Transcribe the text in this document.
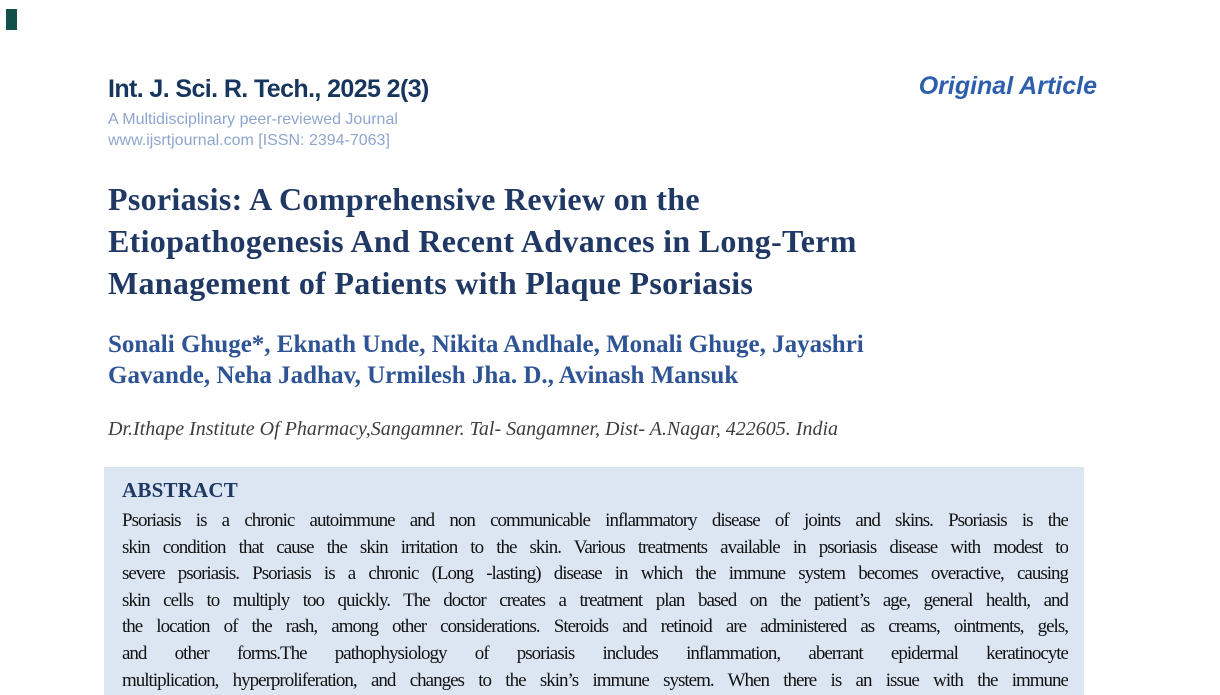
Int. J. Sci. R. Tech., 2025 2(3)
A Multidisciplinary peer-reviewed Journal
www.ijsrtjournal.com [ISSN: 2394-7063]
Original Article
Psoriasis: A Comprehensive Review on the
Etiopathogenesis And Recent Advances in Long-Term
Management of Patients with Plaque Psoriasis
Sonali Ghuge*, Eknath Unde, Nikita Andhale, Monali Ghuge, Jayashri
Gavande, Neha Jadhav, Urmilesh Jha. D., Avinash Mansuk
Dr.Ithape Institute Of Pharmacy,Sangamner. Tal- Sangamner, Dist- A.Nagar, 422605. India
ABSTRACT
Psoriasis is a chronic autoimmune and non communicable inflammatory disease of joints and skins. Psoriasis is the
skin condition that cause the skin irritation to the skin. Various treatments available in psoriasis disease with modest to
severe psoriasis. Psoriasis is a chronic (Long -lasting) disease in which the immune system becomes overactive, causing
skin cells to multiply too quickly. The doctor creates a treatment plan based on the patient’s age, general health, and
the location of the rash, among other considerations. Steroids and retinoid are administered as creams, ointments, gels,
and other forms.The pathophysiology of psoriasis includes inflammation, aberrant epidermal keratinocyte
multiplication, hyperproliferation, and changes to the skin’s immune system. When there is an issue with the immune
